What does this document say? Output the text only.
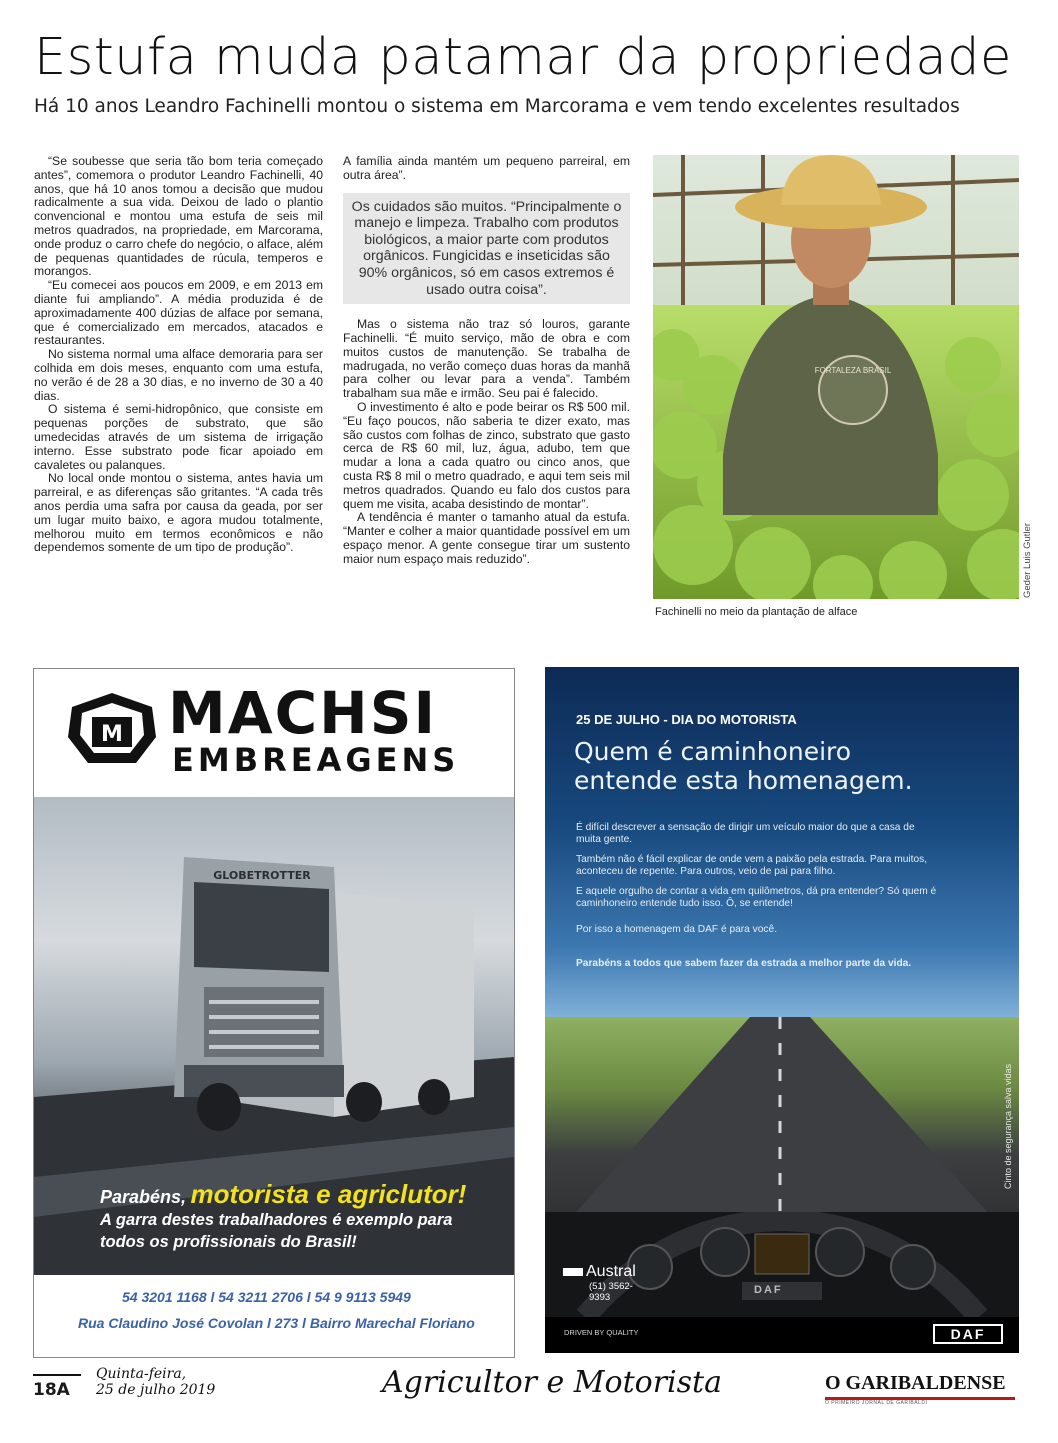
Estufa muda patamar da propriedade
Há 10 anos Leandro Fachinelli montou o sistema em Marcorama e vem tendo excelentes resultados

“Se soubesse que seria tão bom teria começado antes”, comemora o produtor Leandro Fachinelli, 40 anos, que há 10 anos tomou a decisão que mudou radicalmente a sua vida. Deixou de lado o plantio convencional e montou uma estufa de seis mil metros quadrados, na propriedade, em Marcorama, onde produz o carro chefe do negócio, o alface, além de pequenas quantidades de rúcula, temperos e morangos.

“Eu comecei aos poucos em 2009, e em 2013 em diante fui ampliando”. A média produzida é de aproximadamente 400 dúzias de alface por semana, que é comercializado em mercados, atacados e restaurantes.

No sistema normal uma alface demoraria para ser colhida em dois meses, enquanto com uma estufa, no verão é de 28 a 30 dias, e no inverno de 30 a 40 dias.

O sistema é semi-hidropônico, que consiste em pequenas porções de substrato, que são umedecidas através de um sistema de irrigação interno. Esse substrato pode ficar apoiado em cavaletes ou palanques.

No local onde montou o sistema, antes havia um parreiral, e as diferenças são gritantes. “A cada três anos perdia uma safra por causa da geada, por ser um lugar muito baixo, e agora mudou totalmente, melhorou muito em termos econômicos e não dependemos somente de um tipo de produção”.

A família ainda mantém um pequeno parreiral, em outra área”.

Os cuidados são muitos. “Principalmente o manejo e limpeza. Trabalho com produtos biológicos, a maior parte com produtos orgânicos. Fungicidas e inseticidas são 90% orgânicos, só em casos extremos é usado outra coisa”.

Mas o sistema não traz só louros, garante Fachinelli. “É muito serviço, mão de obra e com muitos custos de manutenção. Se trabalha de madrugada, no verão começo duas horas da manhã para colher ou levar para a venda”. Também trabalham sua mãe e irmão. Seu pai é falecido.

O investimento é alto e pode beirar os R$ 500 mil. “Eu faço poucos, não saberia te dizer exato, mas são custos com folhas de zinco, substrato que gasto cerca de R$ 60 mil, luz, água, adubo, tem que mudar a lona a cada quatro ou cinco anos, que custa R$ 8 mil o metro quadrado, e aqui tem seis mil metros quadrados. Quando eu falo dos custos para quem me visita, acaba desistindo de montar”.

A tendência é manter o tamanho atual da estufa. “Manter e colher a maior quantidade possível em um espaço menor. A gente consegue tirar um sustento maior num espaço mais reduzido”.

FORTALEZA BRASIL
Geder Luis Gutler
Fachinelli no meio da plantação de alface
M MACHSI
EMBREAGENS
GLOBETROTTER
Parabéns, motorista e agriclutor!
A garra destes trabalhadores é exemplo para
todos os profissionais do Brasil!
54 3201 1168 l 54 3211 2706 l 54 9 9113 5949
Rua Claudino José Covolan l 273 l Bairro Marechal Floriano
DAF
25 DE JULHO - DIA DO MOTORISTA
Quem é caminhoneiro
entende esta homenagem.
É difícil descrever a sensação de dirigir um veículo maior do que a casa de muita gente.
Também não é fácil explicar de onde vem a paixão pela estrada. Para muitos, aconteceu de repente. Para outros, veio de pai para filho.
E aquele orgulho de contar a vida em quilômetros, dá pra entender? Só quem é caminhoneiro entende tudo isso. Ô, se entende!
Por isso a homenagem da DAF é para você.
Parabéns a todos que sabem fazer da estrada a melhor parte da vida.
Cinto de segurança salva vidas
Austral
(51) 3562-9393
DRIVEN BY QUALITY	DAF
18A
Quinta-feira,
25 de julho 2019	Agricultor e Motorista	O GARIBALDENSE
O PRIMEIRO JORNAL DE GARIBALDI
